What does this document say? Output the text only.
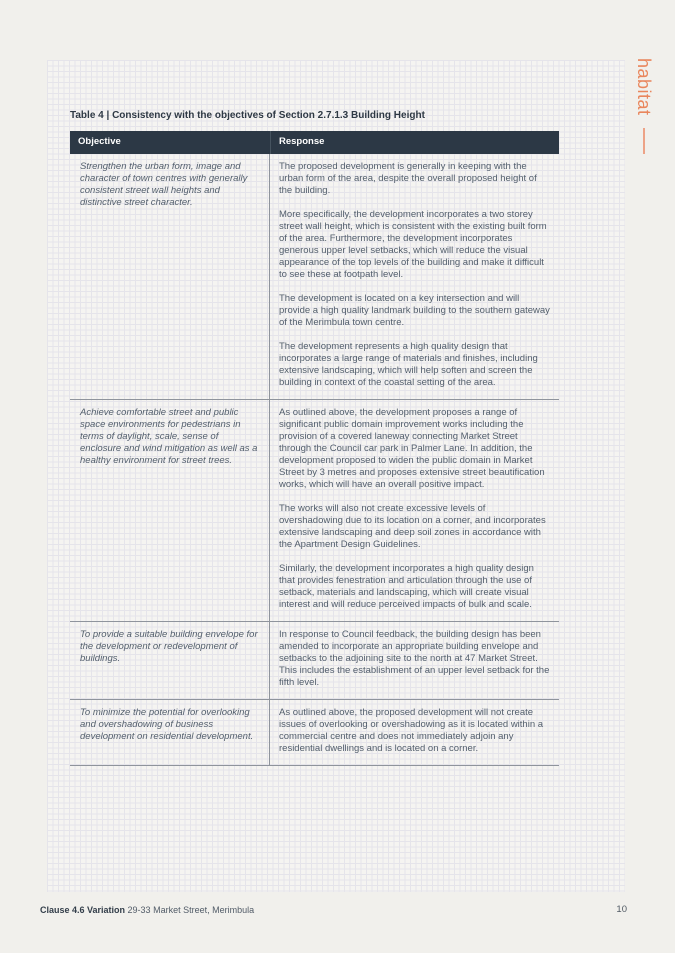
habitat
Table 4 | Consistency with the objectives of Section 2.7.1.3 Building Height
Objective	Response
Strengthen the urban form, image and character of town centres with generally consistent street wall heights and distinctive street character.

The proposed development is generally in keeping with the urban form of the area, despite the overall proposed height of the building.

More specifically, the development incorporates a two storey street wall height, which is consistent with the existing built form of the area. Furthermore, the development incorporates generous upper level setbacks, which will reduce the visual appearance of the top levels of the building and make it difficult to see these at footpath level.

The development is located on a key intersection and will provide a high quality landmark building to the southern gateway of the Merimbula town centre.

The development represents a high quality design that incorporates a large range of materials and finishes, including extensive landscaping, which will help soften and screen the building in context of the coastal setting of the area.

Achieve comfortable street and public space environments for pedestrians in terms of daylight, scale, sense of enclosure and wind mitigation as well as a healthy environment for street trees.

As outlined above, the development proposes a range of significant public domain improvement works including the provision of a covered laneway connecting Market Street through the Council car park in Palmer Lane. In addition, the development proposed to widen the public domain in Market Street by 3 metres and proposes extensive street beautification works, which will have an overall positive impact.

The works will also not create excessive levels of overshadowing due to its location on a corner, and incorporates extensive landscaping and deep soil zones in accordance with the Apartment Design Guidelines.

Similarly, the development incorporates a high quality design that provides fenestration and articulation through the use of setback, materials and landscaping, which will create visual interest and will reduce perceived impacts of bulk and scale.

To provide a suitable building envelope for the development or redevelopment of buildings.

In response to Council feedback, the building design has been amended to incorporate an appropriate building envelope and setbacks to the adjoining site to the north at 47 Market Street. This includes the establishment of an upper level setback for the fifth level.

To minimize the potential for overlooking and overshadowing of business development on residential development.

As outlined above, the proposed development will not create issues of overlooking or overshadowing as it is located within a commercial centre and does not immediately adjoin any residential dwellings and is located on a corner.

Clause 4.6 Variation 29-33 Market Street, Merimbula	10
